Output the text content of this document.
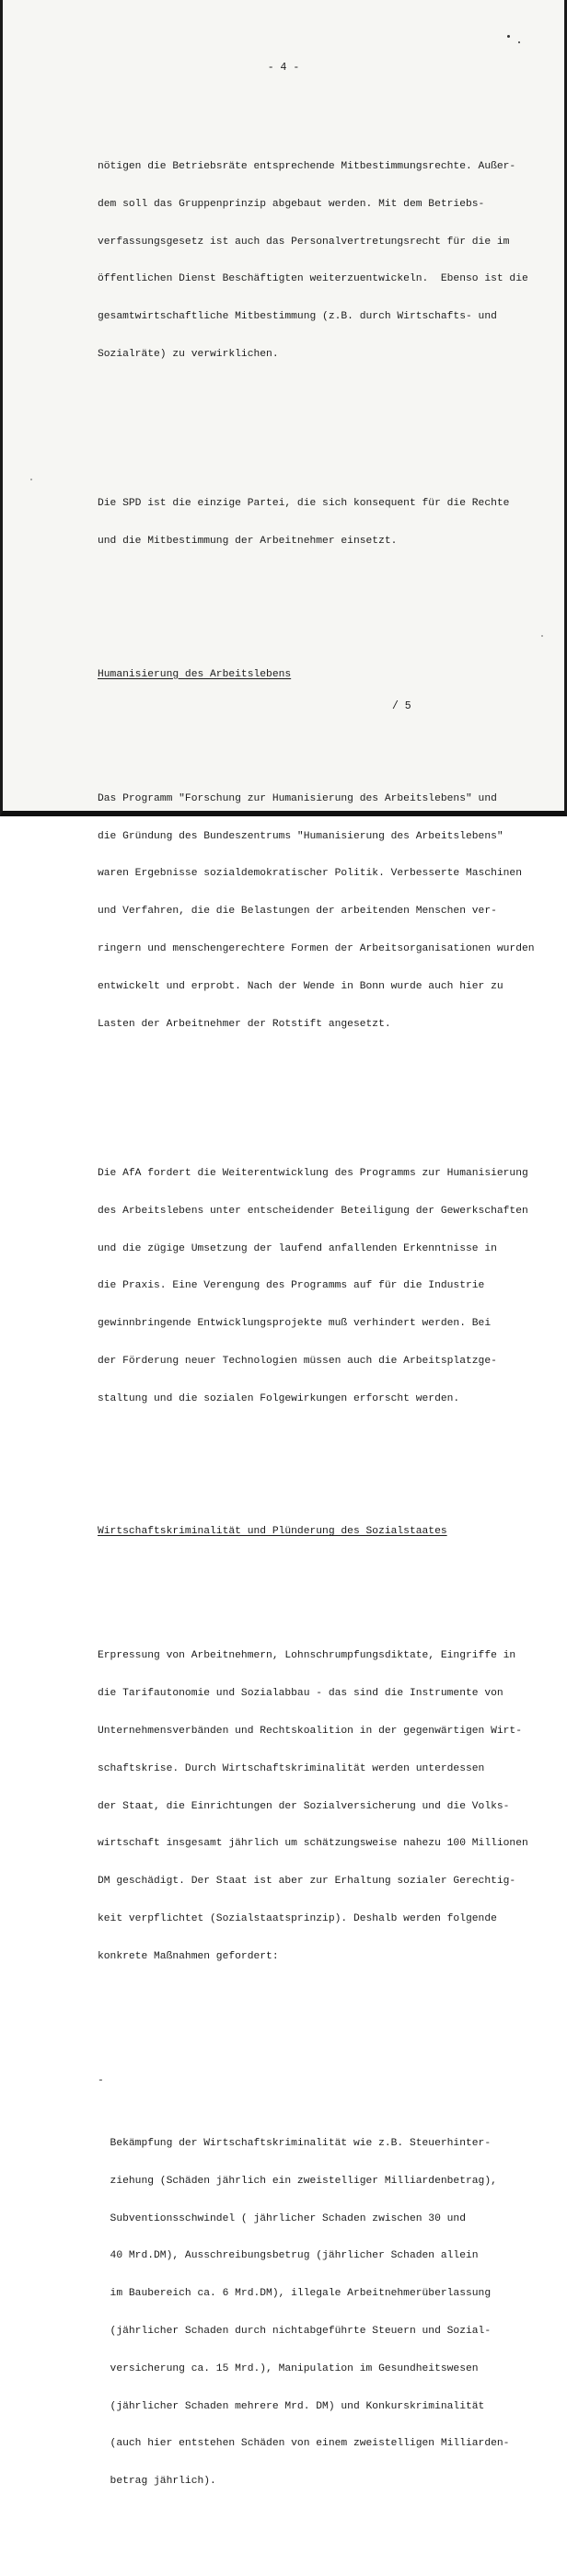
- 4 -

nötigen die Betriebsräte entsprechende Mitbestimmungsrechte. Außer-

dem soll das Gruppenprinzip abgebaut werden. Mit dem Betriebs-

verfassungsgesetz ist auch das Personalvertretungsrecht für die im

öffentlichen Dienst Beschäftigten weiterzuentwickeln.  Ebenso ist die

gesamtwirtschaftliche Mitbestimmung (z.B. durch Wirtschafts- und

Sozialräte) zu verwirklichen.

Die SPD ist die einzige Partei, die sich konsequent für die Rechte

und die Mitbestimmung der Arbeitnehmer einsetzt.

Humanisierung des Arbeitslebens

Das Programm "Forschung zur Humanisierung des Arbeitslebens" und

die Gründung des Bundeszentrums "Humanisierung des Arbeitslebens"

waren Ergebnisse sozialdemokratischer Politik. Verbesserte Maschinen

und Verfahren, die die Belastungen der arbeitenden Menschen ver-

ringern und menschengerechtere Formen der Arbeitsorganisationen wurden

entwickelt und erprobt. Nach der Wende in Bonn wurde auch hier zu

Lasten der Arbeitnehmer der Rotstift angesetzt.

Die AfA fordert die Weiterentwicklung des Programms zur Humanisierung

des Arbeitslebens unter entscheidender Beteiligung der Gewerkschaften

und die zügige Umsetzung der laufend anfallenden Erkenntnisse in

die Praxis. Eine Verengung des Programms auf für die Industrie

gewinnbringende Entwicklungsprojekte muß verhindert werden. Bei

der Förderung neuer Technologien müssen auch die Arbeitsplatzge-

staltung und die sozialen Folgewirkungen erforscht werden.

Wirtschaftskriminalität und Plünderung des Sozialstaates

Erpressung von Arbeitnehmern, Lohnschrumpfungsdiktate, Eingriffe in

die Tarifautonomie und Sozialabbau - das sind die Instrumente von

Unternehmensverbänden und Rechtskoalition in der gegenwärtigen Wirt-

schaftskrise. Durch Wirtschaftskriminalität werden unterdessen

der Staat, die Einrichtungen der Sozialversicherung und die Volks-

wirtschaft insgesamt jährlich um schätzungsweise nahezu 100 Millionen

DM geschädigt. Der Staat ist aber zur Erhaltung sozialer Gerechtig-

keit verpflichtet (Sozialstaatsprinzip). Deshalb werden folgende

konkrete Maßnahmen gefordert:

-

Bekämpfung der Wirtschaftskriminalität wie z.B. Steuerhinter-

ziehung (Schäden jährlich ein zweistelliger Milliardenbetrag),

Subventionsschwindel ( jährlicher Schaden zwischen 30 und

40 Mrd.DM), Ausschreibungsbetrug (jährlicher Schaden allein

im Baubereich ca. 6 Mrd.DM), illegale Arbeitnehmerüberlassung

(jährlicher Schaden durch nichtabgeführte Steuern und Sozial-

versicherung ca. 15 Mrd.), Manipulation im Gesundheitswesen

(jährlicher Schaden mehrere Mrd. DM) und Konkurskriminalität

(auch hier entstehen Schäden von einem zweistelligen Milliarden-

betrag jährlich).

/ 5
